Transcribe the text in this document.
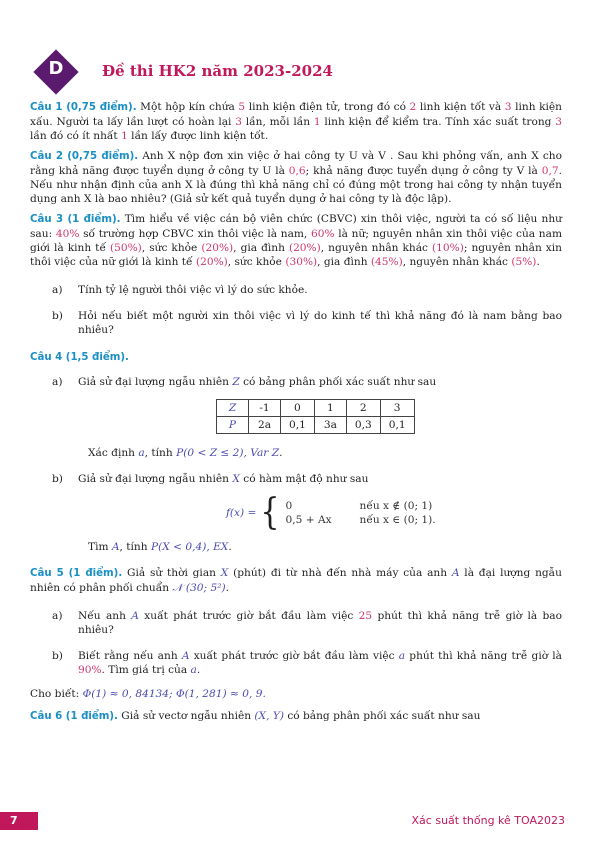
D	Đề thi HK2 năm 2023-2024

Câu 1 (0,75 điểm). Một hộp kín chứa 5 linh kiện điện tử, trong đó có 2 linh kiện tốt và 3 linh kiện xấu. Người ta lấy lần lượt có hoàn lại 3 lần, mỗi lần 1 linh kiện để kiểm tra. Tính xác suất trong 3 lần đó có ít nhất 1 lần lấy được linh kiện tốt.

Câu 2 (0,75 điểm). Anh X nộp đơn xin việc ở hai công ty U và V . Sau khi phỏng vấn, anh X cho rằng khả năng được tuyển dụng ở công ty U là 0,6; khả năng được tuyển dụng ở công ty V là 0,7. Nếu như nhận định của anh X là đúng thì khả năng chỉ có đúng một trong hai công ty nhận tuyển dụng anh X là bao nhiêu? (Giả sử kết quả tuyển dụng ở hai công ty là độc lập).

Câu 3 (1 điểm). Tìm hiểu về việc cán bộ viên chức (CBVC) xin thôi việc, người ta có số liệu như sau: 40% số trường hợp CBVC xin thôi việc là nam, 60% là nữ; nguyên nhân xin thôi việc của nam giới là kinh tế (50%), sức khỏe (20%), gia đình (20%), nguyên nhân khác (10%); nguyên nhân xin thôi việc của nữ giới là kinh tế (20%), sức khỏe (30%), gia đình (45%), nguyên nhân khác (5%).

a)	Tính tỷ lệ người thôi việc vì lý do sức khỏe.
b)	Hỏi nếu biết một người xin thôi việc vì lý do kinh tế thì khả năng đó là nam bằng bao nhiêu?
Câu 4 (1,5 điểm).
a)	Giả sử đại lượng ngẫu nhiên Z có bảng phân phối xác suất như sau
Z	-1	0	1	2	3
P	2a	0,1	3a	0,3	0,1
Xác định a, tính P(0 < Z ≤ 2), Var Z.
b)	Giả sử đại lượng ngẫu nhiên X có hàm mật độ như sau
f(x) = { 0	nếu x ∉ (0; 1)
0,5 + Ax	nếu x ∈ (0; 1).
Tìm A, tính P(X < 0,4), EX.

Câu 5 (1 điểm). Giả sử thời gian X (phút) đi từ nhà đến nhà máy của anh A là đại lượng ngẫu nhiên có phân phối chuẩn 𝒩 (30; 5²).

a)	Nếu anh A xuất phát trước giờ bắt đầu làm việc 25 phút thì khả năng trễ giờ là bao nhiêu?
b)	Biết rằng nếu anh A xuất phát trước giờ bắt đầu làm việc a phút thì khả năng trễ giờ là 90%. Tìm giá trị của a.

Cho biết: Φ(1) ≈ 0, 84134; Φ(1, 281) ≈ 0, 9.

Câu 6 (1 điểm). Giả sử vectơ ngẫu nhiên (X, Y) có bảng phân phối xác suất như sau

7	Xác suất thống kê TOA2023
